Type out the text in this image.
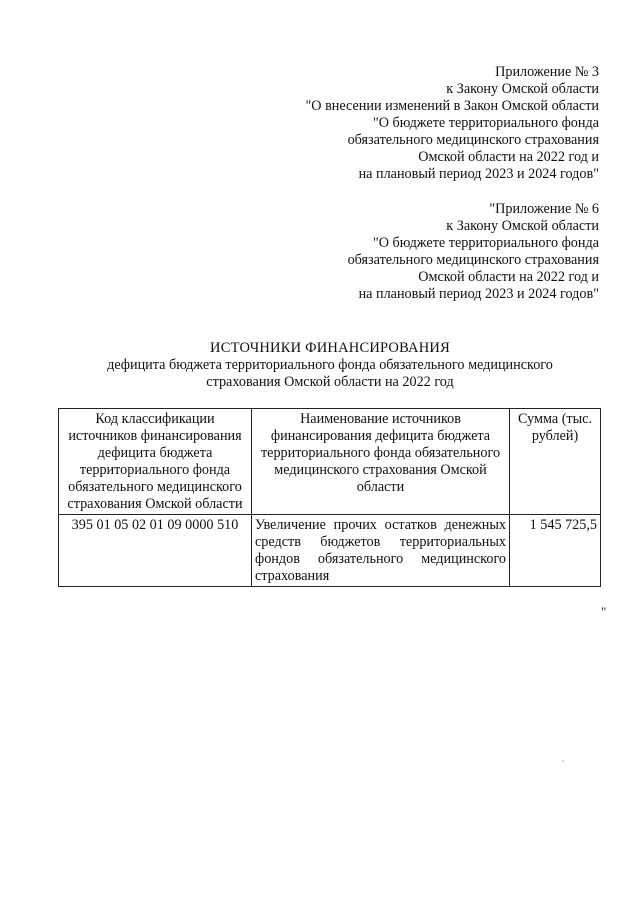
Приложение № 3
к Закону Омской области
"О внесении изменений в Закон Омской области
"О бюджете территориального фонда
обязательного медицинского страхования
Омской области на 2022 год и
на плановый период 2023 и 2024 годов"
"Приложение № 6
к Закону Омской области
"О бюджете территориального фонда
обязательного медицинского страхования
Омской области на 2022 год и
на плановый период 2023 и 2024 годов"
ИСТОЧНИКИ ФИНАНСИРОВАНИЯ
дефицита бюджета территориального фонда обязательного медицинского
страхования Омской области на 2022 год
Код классификации источников финансирования дефицита бюджета территориального фонда обязательного медицинского страхования Омской области	Наименование источников финансирования дефицита бюджета территориального фонда обязательного медицинского страхования Омской области	Сумма (тыс. рублей)
395 01 05 02 01 09 0000 510	Увеличение прочих остатков денежных средств бюджетов территориальных фондов обязательного медицинского страхования	1 545 725,5
"
